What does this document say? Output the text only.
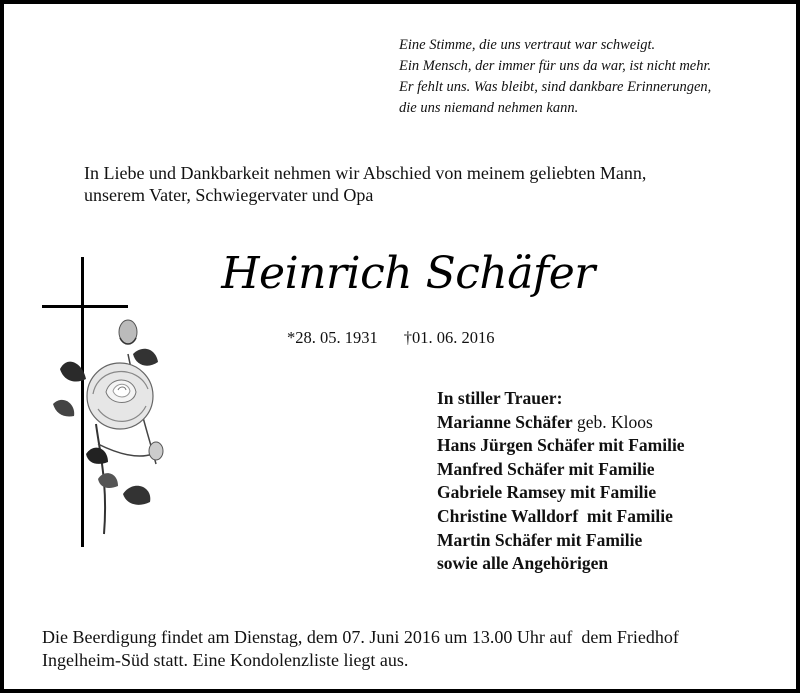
Eine Stimme, die uns vertraut war schweigt.
Ein Mensch, der immer für uns da war, ist nicht mehr.
Er fehlt uns. Was bleibt, sind dankbare Erinnerungen,
die uns niemand nehmen kann.
In Liebe und Dankbarkeit nehmen wir Abschied von meinem geliebten Mann,
unserem Vater, Schwiegervater und Opa
Heinrich Schäfer
*28. 05. 1931 †01. 06. 2016
In stiller Trauer:
Marianne Schäfer geb. Kloos
Hans Jürgen Schäfer mit Familie
Manfred Schäfer mit Familie
Gabriele Ramsey mit Familie
Christine Walldorf  mit Familie
Martin Schäfer mit Familie
sowie alle Angehörigen
Die Beerdigung findet am Dienstag, dem 07. Juni 2016 um 13.00 Uhr auf  dem Friedhof
Ingelheim-Süd statt. Eine Kondolenzliste liegt aus.
